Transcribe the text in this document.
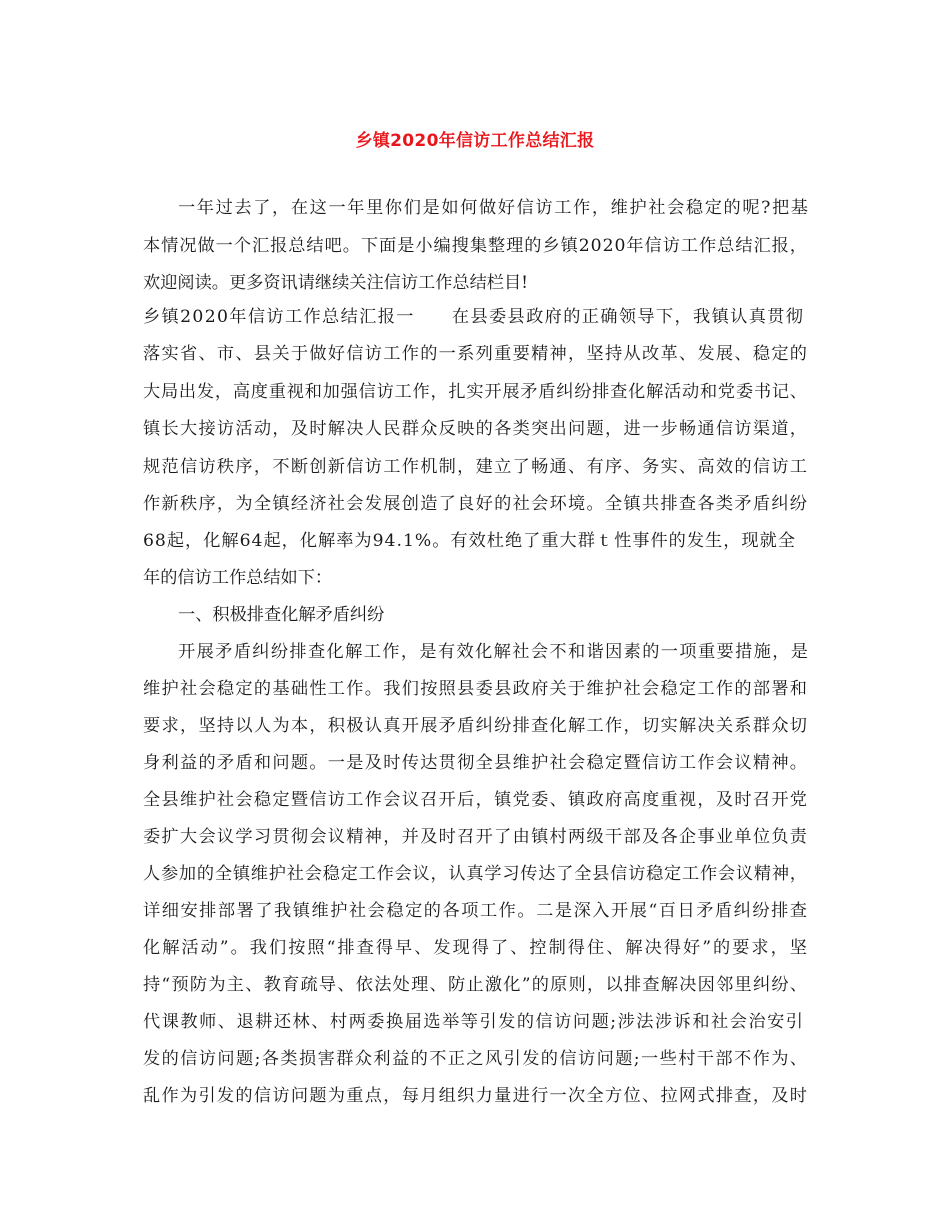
乡镇2020年信访工作总结汇报
一年过去了，在这一年里你们是如何做好信访工作，维护社会稳定的呢?把基
本情况做一个汇报总结吧。下面是小编搜集整理的乡镇2020年信访工作总结汇报，
欢迎阅读。更多资讯请继续关注信访工作总结栏目!
乡镇2020年信访工作总结汇报一　　在县委县政府的正确领导下，我镇认真贯彻
落实省、市、县关于做好信访工作的一系列重要精神，坚持从改革、发展、稳定的
大局出发，高度重视和加强信访工作，扎实开展矛盾纠纷排查化解活动和党委书记、
镇长大接访活动，及时解决人民群众反映的各类突出问题，进一步畅通信访渠道，
规范信访秩序，不断创新信访工作机制，建立了畅通、有序、务实、高效的信访工
作新秩序，为全镇经济社会发展创造了良好的社会环境。全镇共排查各类矛盾纠纷
68起，化解64起，化解率为94.1%。有效杜绝了重大群ｔ性事件的发生，现就全
年的信访工作总结如下：
一、积极排查化解矛盾纠纷
开展矛盾纠纷排查化解工作，是有效化解社会不和谐因素的一项重要措施，是
维护社会稳定的基础性工作。我们按照县委县政府关于维护社会稳定工作的部署和
要求，坚持以人为本，积极认真开展矛盾纠纷排查化解工作，切实解决关系群众切
身利益的矛盾和问题。一是及时传达贯彻全县维护社会稳定暨信访工作会议精神。
全县维护社会稳定暨信访工作会议召开后，镇党委、镇政府高度重视，及时召开党
委扩大会议学习贯彻会议精神，并及时召开了由镇村两级干部及各企事业单位负责
人参加的全镇维护社会稳定工作会议，认真学习传达了全县信访稳定工作会议精神，
详细安排部署了我镇维护社会稳定的各项工作。二是深入开展“百日矛盾纠纷排查
化解活动”。我们按照“排查得早、发现得了、控制得住、解决得好”的要求，坚
持“预防为主、教育疏导、依法处理、防止激化”的原则，以排查解决因邻里纠纷、
代课教师、退耕还林、村两委换届选举等引发的信访问题;涉法涉诉和社会治安引
发的信访问题;各类损害群众利益的不正之风引发的信访问题;一些村干部不作为、
乱作为引发的信访问题为重点，每月组织力量进行一次全方位、拉网式排查，及时
